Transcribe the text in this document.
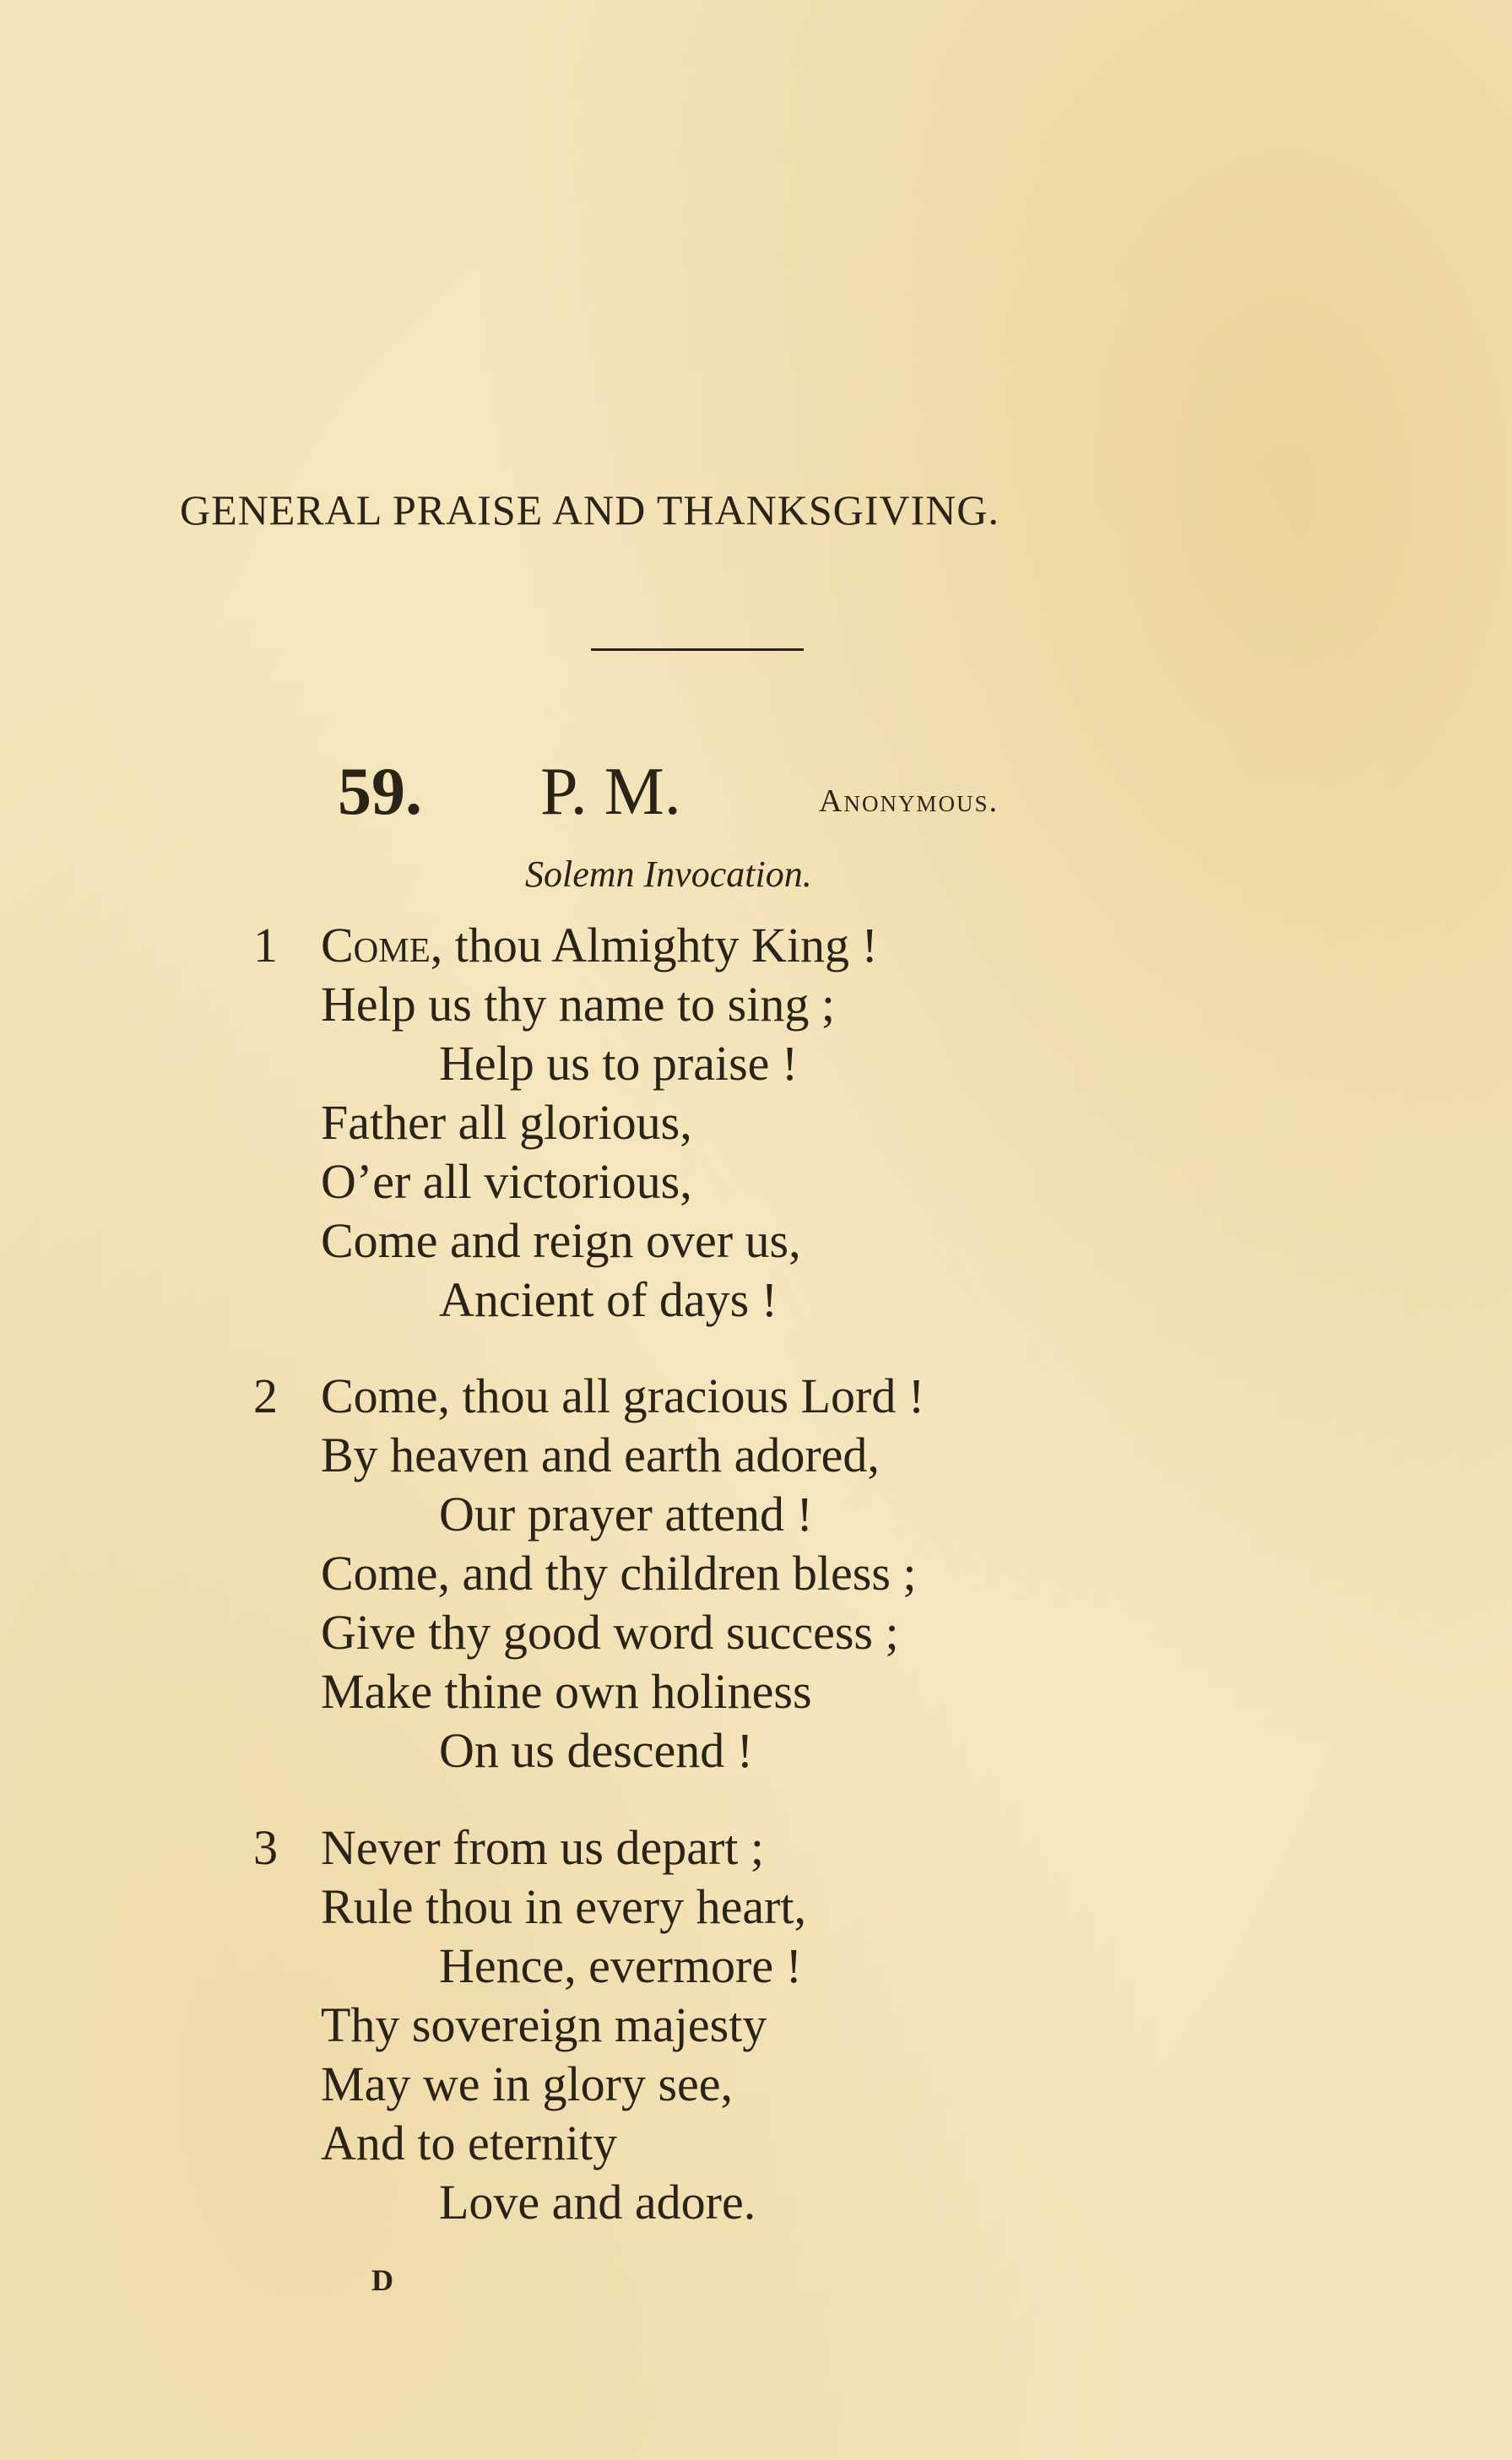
GENERAL PRAISE AND THANKSGIVING.
59. P. M.	Anonymous.
Solemn Invocation.
1 Come, thou Almighty King !
Help us thy name to sing ;
Help us to praise !
Father all glorious,
O’er all victorious,
Come and reign over us,
Ancient of days !
2 Come, thou all gracious Lord !
By heaven and earth adored,
Our prayer attend !
Come, and thy children bless ;
Give thy good word success ;
Make thine own holiness
On us descend !
3 Never from us depart ;
Rule thou in every heart,
Hence, evermore !
Thy sovereign majesty
May we in glory see,
And to eternity
Love and adore.
D
